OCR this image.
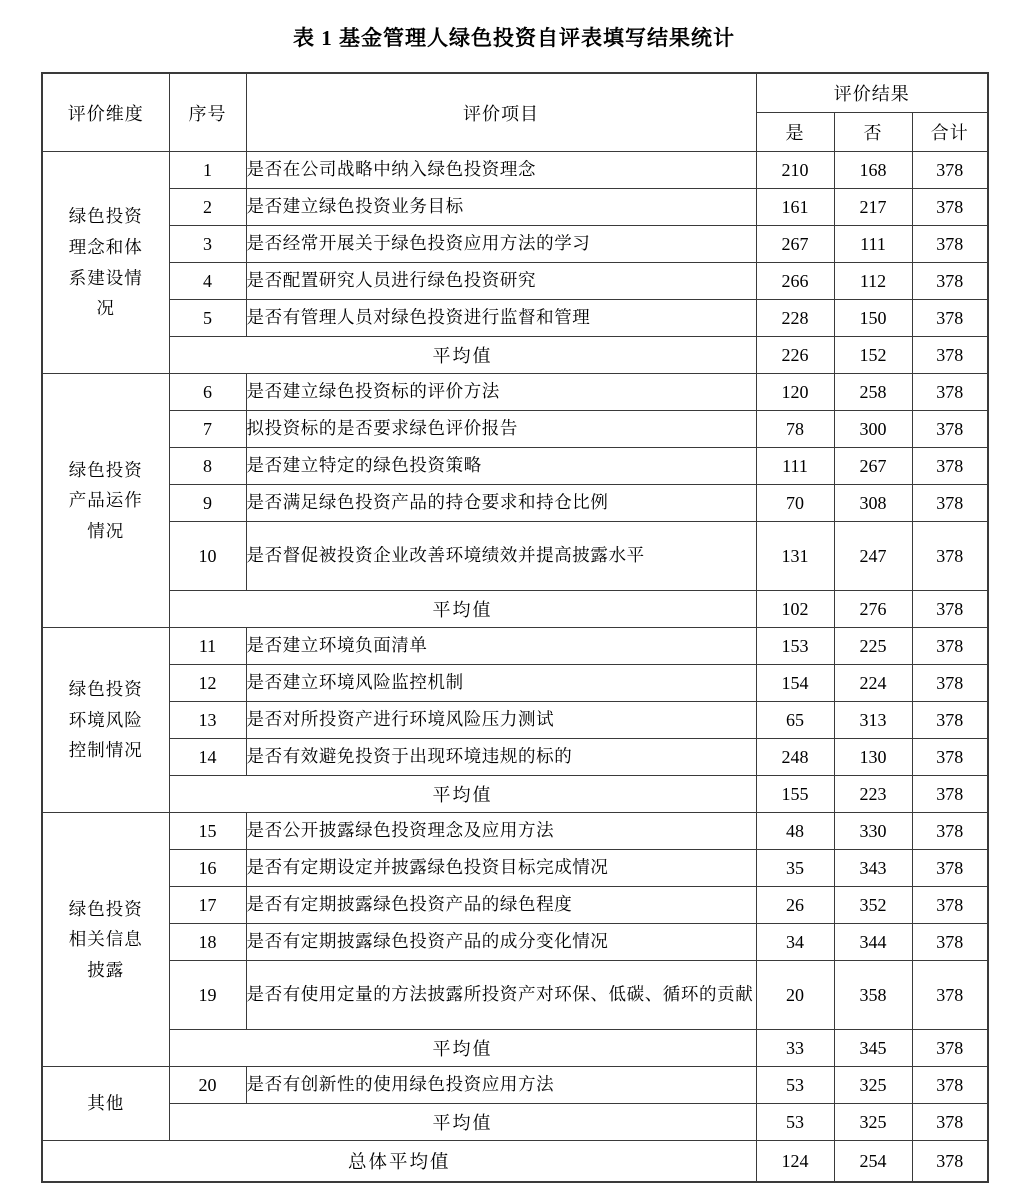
表 1 基金管理人绿色投资自评表填写结果统计
评价维度	序号	评价项目	评价结果		
			是	否	合计

绿色投资
理念和体
系建设情
况	1	是否在公司战略中纳入绿色投资理念	210	168	378
	2	是否建立绿色投资业务目标	161	217	378
	3	是否经常开展关于绿色投资应用方法的学习	267	111	378
	4	是否配置研究人员进行绿色投资研究	266	112	378
	5	是否有管理人员对绿色投资进行监督和管理	228	150	378
	平均值		226	152	378

绿色投资
产品运作
情况	6	是否建立绿色投资标的评价方法	120	258	378
	7	拟投资标的是否要求绿色评价报告	78	300	378
	8	是否建立特定的绿色投资策略	111	267	378
	9	是否满足绿色投资产品的持仓要求和持仓比例	70	308	378
	10	是否督促被投资企业改善环境绩效并提高披露水平	131	247	378
	平均值		102	276	378

绿色投资
环境风险
控制情况	11	是否建立环境负面清单	153	225	378
	12	是否建立环境风险监控机制	154	224	378
	13	是否对所投资产进行环境风险压力测试	65	313	378
	14	是否有效避免投资于出现环境违规的标的	248	130	378
	平均值		155	223	378

绿色投资
相关信息
披露	15	是否公开披露绿色投资理念及应用方法	48	330	378
	16	是否有定期设定并披露绿色投资目标完成情况	35	343	378
	17	是否有定期披露绿色投资产品的绿色程度	26	352	378
	18	是否有定期披露绿色投资产品的成分变化情况	34	344	378
	19	是否有使用定量的方法披露所投资产对环保、低碳、循环的贡献	20	358	378
	平均值		33	345	378

其他	20	是否有创新性的使用绿色投资应用方法	53	325	378
	平均值		53	325	378
总体平均值			124	254	378
